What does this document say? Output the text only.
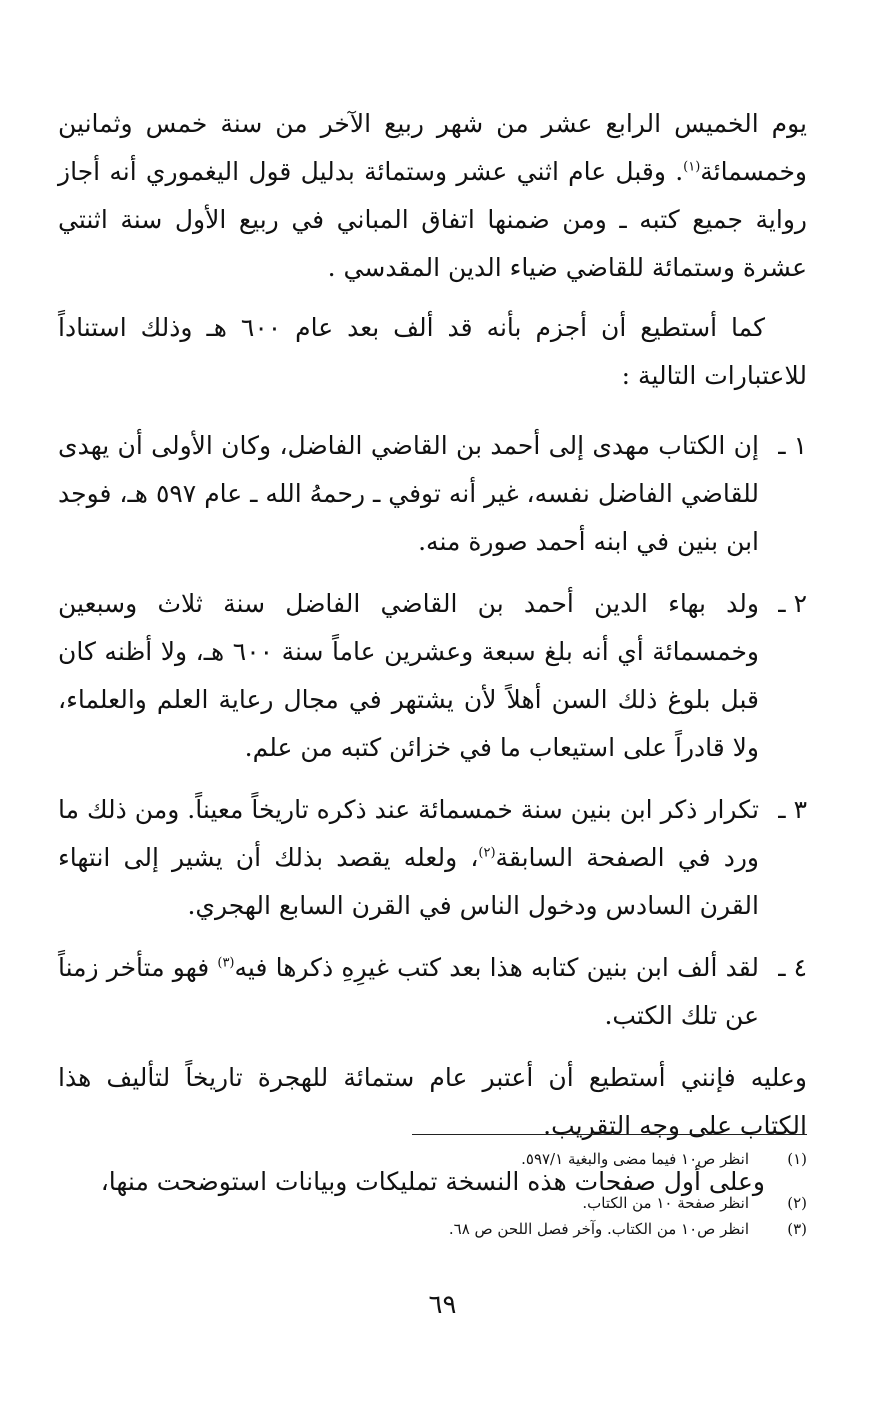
يوم الخميس الرابع عشر من شهر ربيع الآخر من سنة خمس وثمانين وخمسمائة$^{(١)}$. وقبل عام اثني عشر وستمائة بدليل قول اليغموري أنه أجاز رواية جميع كتبه ـ ومن ضمنها اتفاق المباني في ربيع الأول سنة اثنتي عشرة وستمائة للقاضي ضياء الدين المقدسي .

كما أستطيع أن أجزم بأنه قد ألف بعد عام ٦٠٠ هـ وذلك استناداً للاعتبارات التالية :

١ ـ
إن الكتاب مهدى إلى أحمد بن القاضي الفاضل، وكان الأولى أن يهدى للقاضي الفاضل نفسه، غير أنه توفي ـ رحمهُ الله ـ عام ٥٩٧ هـ، فوجد ابن بنين في ابنه أحمد صورة منه.
٢ ـ
ولد بهاء الدين أحمد بن القاضي الفاضل سنة ثلاث وسبعين وخمسمائة أي أنه بلغ سبعة وعشرين عاماً سنة ٦٠٠ هـ، ولا أظنه كان قبل بلوغ ذلك السن أهلاً لأن يشتهر في مجال رعاية العلم والعلماء، ولا قادراً على استيعاب ما في خزائن كتبه من علم.
٣ ـ
تكرار ذكر ابن بنين سنة خمسمائة عند ذكره تاريخاً معيناً. ومن ذلك ما ورد في الصفحة السابقة$^{(٢)}$، ولعله يقصد بذلك أن يشير إلى انتهاء القرن السادس ودخول الناس في القرن السابع الهجري.
٤ ـ
لقد ألف ابن بنين كتابه هذا بعد كتب غيرِهِ ذكرها فيه$^{(٣)}$ فهو متأخر زمناً عن تلك الكتب.

وعليه فإنني أستطيع أن أعتبر عام ستمائة للهجرة تاريخاً لتأليف هذا الكتاب على وجه التقريب.

وعلى أول صفحات هذه النسخة تمليكات وبيانات استوضحت منها،

(١)
انظر ص١٠ فيما مضى والبغية ٥٩٧/١.
(٢)
انظر صفحة ١٠ من الكتاب.
(٣)
انظر ص١٠ من الكتاب. وآخر فصل اللحن ص ٦٨.
٦٩
